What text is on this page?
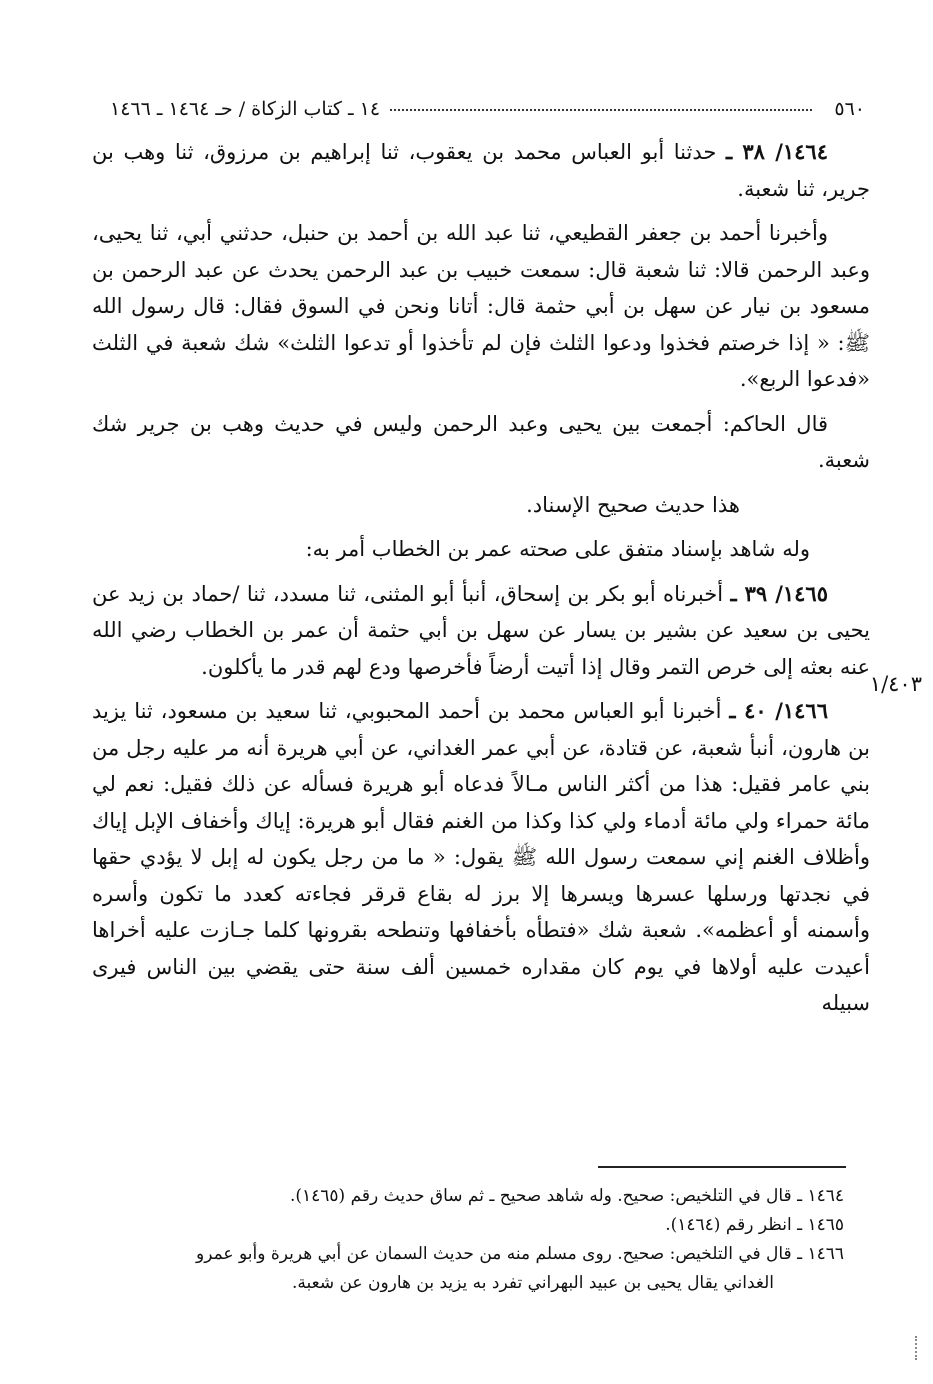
٥٦٠
١٤ ـ كتاب الزكاة / حـ ١٤٦٤ ـ ١٤٦٦
١/٤٠٣

١٤٦٤/ ٣٨ ـ حدثنا أبو العباس محمد بن يعقوب، ثنا إبراهيم بن مرزوق، ثنا وهب بن جرير، ثنا شعبة.

وأخبرنا أحمد بن جعفر القطيعي، ثنا عبد الله بن أحمد بن حنبل، حدثني أبي، ثنا يحيى، وعبد الرحمن قالا: ثنا شعبة قال: سمعت خبيب بن عبد الرحمن يحدث عن عبد الرحمن بن مسعود بن نيار عن سهل بن أبي حثمة قال: أتانا ونحن في السوق فقال: قال رسول الله ﷺ: « إذا خرصتم فخذوا ودعوا الثلث فإن لم تأخذوا أو تدعوا الثلث» شك شعبة في الثلث «فدعوا الربع».

قال الحاكم: أجمعت بين يحيى وعبد الرحمن وليس في حديث وهب بن جرير شك شعبة.

هذا حديث صحيح الإسناد.

وله شاهد بإسناد متفق على صحته عمر بن الخطاب أمر به:

١٤٦٥/ ٣٩ ـ أخبرناه أبو بكر بن إسحاق، أنبأ أبو المثنى، ثنا مسدد، ثنا /حماد بن زيد عن يحيى بن سعيد عن بشير بن يسار عن سهل بن أبي حثمة أن عمر بن الخطاب رضي الله عنه بعثه إلى خرص التمر وقال إذا أتيت أرضاً فأخرصها ودع لهم قدر ما يأكلون.

١٤٦٦/ ٤٠ ـ أخبرنا أبو العباس محمد بن أحمد المحبوبي، ثنا سعيد بن مسعود، ثنا يزيد بن هارون، أنبأ شعبة، عن قتادة، عن أبي عمر الغداني، عن أبي هريرة أنه مر عليه رجل من بني عامر فقيل: هذا من أكثر الناس مـالاً فدعاه أبو هريرة فسأله عن ذلك فقيل: نعم لي مائة حمراء ولي مائة أدماء ولي كذا وكذا من الغنم فقال أبو هريرة: إياك وأخفاف الإبل إياك وأظلاف الغنم إني سمعت رسول الله ﷺ يقول: « ما من رجل يكون له إبل لا يؤدي حقها في نجدتها ورسلها عسرها ويسرها إلا برز له بقاع قرقر فجاءته كعدد ما تكون وأسره وأسمنه أو أعظمه». شعبة شك «فتطأه بأخفافها وتنطحه بقرونها كلما جـازت عليه أخراها أعيدت عليه أولاها في يوم كان مقداره خمسين ألف سنة حتى يقضي بين الناس فيرى سبيله

١٤٦٤ ـ قال في التلخيص: صحيح. وله شاهد صحيح ـ ثم ساق حديث رقم (١٤٦٥).

١٤٦٥ ـ انظر رقم (١٤٦٤).

١٤٦٦ ـ قال في التلخيص: صحيح. روى مسلم منه من حديث السمان عن أبي هريرة وأبو عمرو

الغداني يقال يحيى بن عبيد البهراني تفرد به يزيد بن هارون عن شعبة.
